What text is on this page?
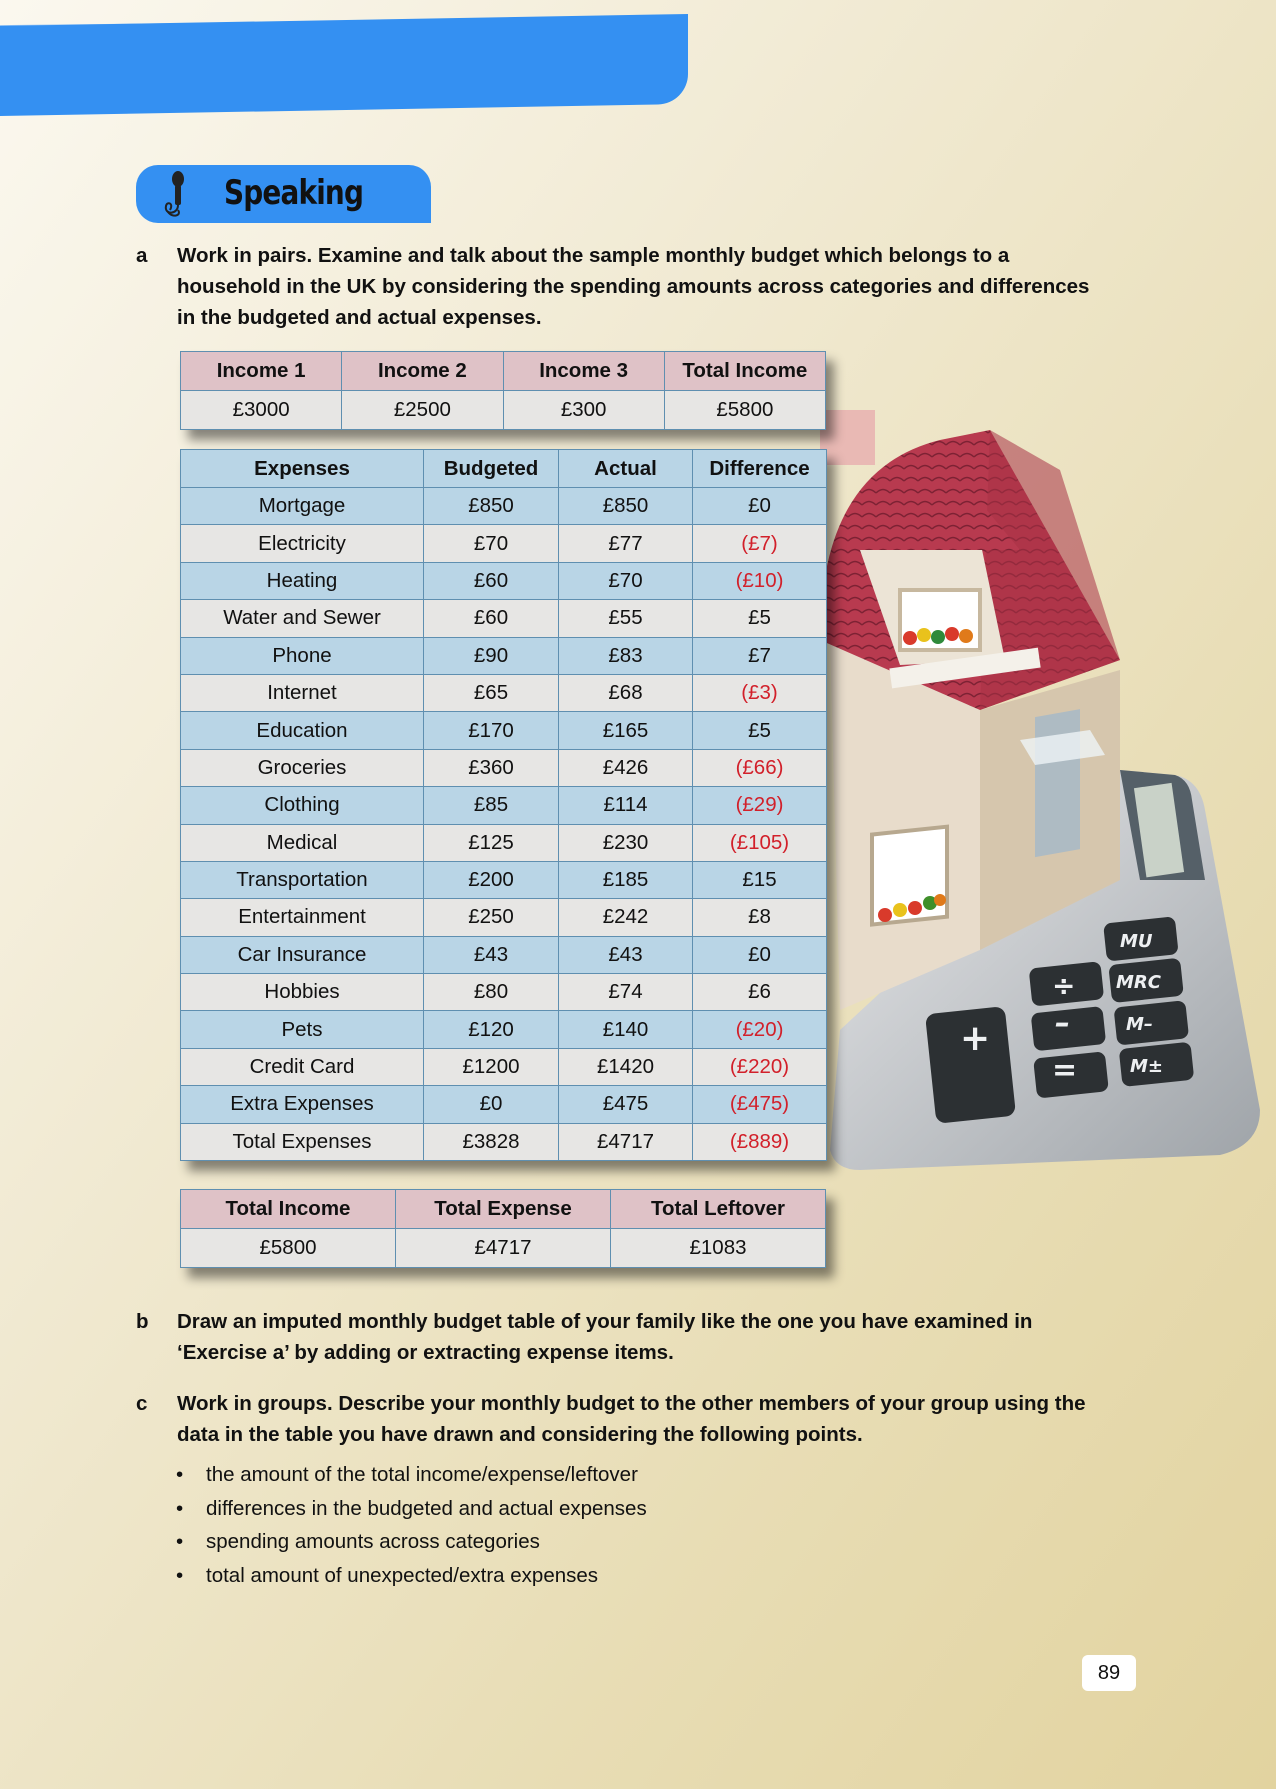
Speaking
a Work in pairs. Examine and talk about the sample monthly budget which belongs to a household in the UK by considering the spending amounts across categories and differences in the budgeted and actual expenses.
MU
MRC
M–
M±
+ –
÷
=
Income 1	Income 2	Income 3	Total Income
£3000	£2500	£300	£5800
Expenses	Budgeted	Actual	Difference
Mortgage	£850	£850	£0
Electricity	£70	£77	(£7)
Heating	£60	£70	(£10)
Water and Sewer	£60	£55	£5
Phone	£90	£83	£7
Internet	£65	£68	(£3)
Education	£170	£165	£5
Groceries	£360	£426	(£66)
Clothing	£85	£114	(£29)
Medical	£125	£230	(£105)
Transportation	£200	£185	£15
Entertainment	£250	£242	£8
Car Insurance	£43	£43	£0
Hobbies	£80	£74	£6
Pets	£120	£140	(£20)
Credit Card	£1200	£1420	(£220)
Extra Expenses	£0	£475	(£475)
Total Expenses	£3828	£4717	(£889)
Total Income	Total Expense	Total Leftover
£5800	£4717	£1083
b Draw an imputed monthly budget table of your family like the one you have examined in ‘Exercise a’ by adding or extracting expense items.
c Work in groups. Describe your monthly budget to the other members of your group using the data in the table you have drawn and considering the following points.
• the amount of the total income/expense/leftover
• differences in the budgeted and actual expenses
• spending amounts across categories
• total amount of unexpected/extra expenses
89
